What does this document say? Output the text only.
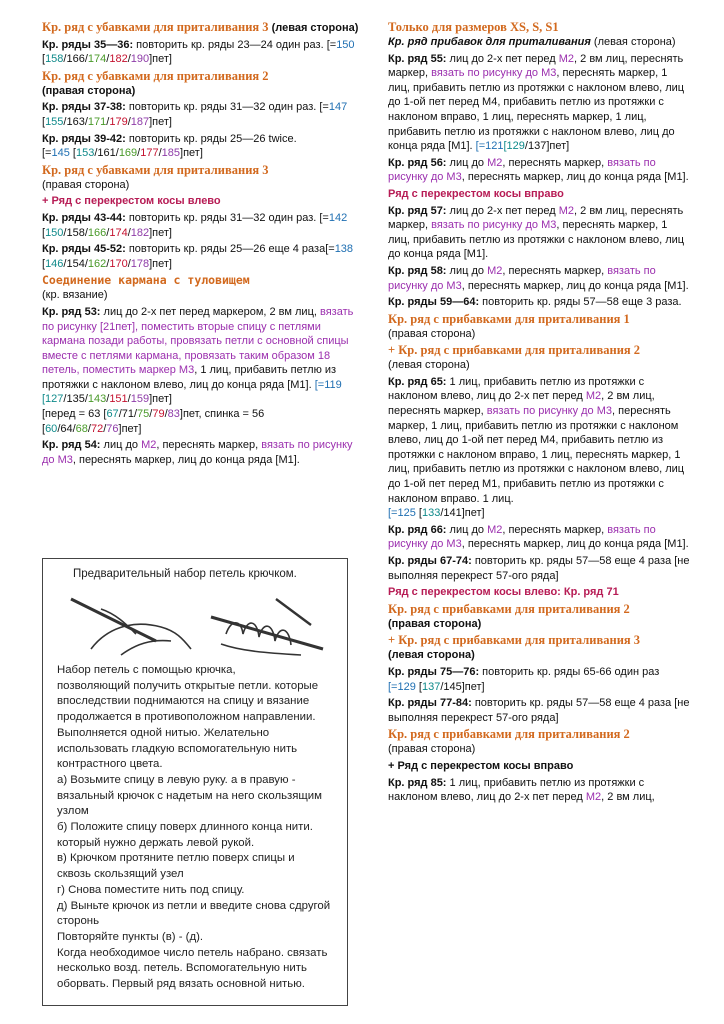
Кр. ряд с убавками для приталивания 3 (левая сторона)
Кр. ряды 35—36: повторить кр. ряды 23—24 один раз. [=150 [158/166/174/182/190]пет]
Кр. ряд с убавками для приталивания 2
(правая сторона)
Кр. ряды 37-38: повторить кр. ряды 31—32 один раз. [=147 [155/163/171/179/187]пет]
Кр. ряды 39-42: повторить кр. ряды 25—26 twice.
[=145 [153/161/169/177/185]пет]
Кр. ряд с убавками для приталивания 3
(правая сторона)
+ Ряд с перекрестом косы влево
Кр. ряды 43-44: повторить кр. ряды 31—32 один раз. [=142 [150/158/166/174/182]пет]
Кр. ряды 45-52: повторить кр. ряды 25—26 еще 4 раза[=138 [146/154/162/170/178]пет]
Соединение кармана с туловищем
(кр. вязание)
Кр. ряд 53: лиц до 2-х пет перед маркером, 2 вм лиц, вязать по рисунку [21пет], поместить вторые спицу с петлями кармана позади работы, провязать петли с основной спицы вместе с петлями кармана, провязать таким образом 18 петель, поместить маркер М3, 1 лиц, прибавить петлю из протяжки с наклоном влево, лиц до конца ряда [М1]. [=119
[127/135/143/151/159]пет]
[перед = 63 [67/71/75/79/83]пет, спинка = 56
[60/64/68/72/76]пет]
Кр. ряд 54: лиц до М2, переснять маркер, вязать по рисунку до М3, переснять маркер, лиц до конца ряда [М1].
Предварительный набор петель крючком.
Набор петель с помощью крючка,
позволяющий получить открытые петли. которые
впоследствии поднимаются на спицу и вязание
продолжается в противоположном направлении.
Выполняется одной нитью. Желательно
использовать гладкую вспомогательную нить
контрастного цвета.
а) Возьмите спицу в левую руку. а в правую -
вязальный крючок с надетым на него скользящим
узлом
б) Положите спицу поверх длинного конца нити.
который нужно держать левой рукой.
в) Крючком протяните петлю поверх спицы и
сквозь скользящий узел
г) Снова поместите нить под спицу.
д) Выньте крючок из петли и введите снова сдругой
сторонь
Повторяйте пункты (в) - (д).
Когда необходимое число петель набрано. связать
несколько возд. петель. Вспомогательную нить
оборвать. Первый ряд вязать основной нитью.
Только для размеров XS, S, S1
Кр. ряд прибавок для приталивания (левая сторона)
Кр. ряд 55: лиц до 2-х пет перед М2, 2 вм лиц, переснять маркер, вязать по рисунку до М3, переснять маркер, 1 лиц, прибавить петлю из протяжки с наклоном влево, лиц до 1-ой пет перед М4, прибавить петлю из протяжки с наклоном вправо, 1 лиц, переснять маркер, 1 лиц, прибавить петлю из протяжки с наклоном влево, лиц до конца ряда [М1]. [=121[129/137]пет]
Кр. ряд 56: лиц до М2, переснять маркер, вязать по рисунку до М3, переснять маркер, лиц до конца ряда [М1].
Ряд с перекрестом косы вправо
Кр. ряд 57: лиц до 2-х пет перед М2, 2 вм лиц, переснять маркер, вязать по рисунку до М3, переснять маркер, 1 лиц, прибавить петлю из протяжки с наклоном влево, лиц до конца ряда [М1].
Кр. ряд 58: лиц до М2, переснять маркер, вязать по рисунку до М3, переснять маркер, лиц до конца ряда [М1].
Кр. ряды 59—64: повторить кр. ряды 57—58 еще 3 раза.
Кр. ряд с прибавками для приталивания 1
(правая сторона)
+ Кр. ряд с прибавками для приталивания 2
(левая сторона)
Кр. ряд 65: 1 лиц, прибавить петлю из протяжки с наклоном влево, лиц до 2-х пет перед М2, 2 вм лиц, переснять маркер, вязать по рисунку до М3, переснять маркер, 1 лиц, прибавить петлю из протяжки с наклоном влево, лиц до 1-ой пет перед М4, прибавить петлю из протяжки с наклоном вправо, 1 лиц, переснять маркер, 1 лиц, прибавить петлю из протяжки с наклоном влево, лиц до 1-ой пет перед М1, прибавить петлю из протяжки с наклоном вправо. 1 лиц.
[=125 [133/141]пет]
Кр. ряд 66: лиц до М2, переснять маркер, вязать по рисунку до М3, переснять маркер, лиц до конца ряда [М1].
Кр. ряды 67-74: повторить кр. ряды 57—58 еще 4 раза [не выполняя перекрест 57-ого ряда]
Ряд с перекрестом косы влево: Кр. ряд 71
Кр. ряд с прибавками для приталивания 2
(правая сторона)
+ Кр. ряд с прибавками для приталивания 3
(левая сторона)
Кр. ряды 75—76: повторить кр. ряды 65-66 один раз
[=129 [137/145]пет]
Кр. ряды 77-84: повторить кр. ряды 57—58 еще 4 раза [не выполняя перекрест 57-ого ряда]
Кр. ряд с прибавками для приталивания 2
(правая сторона)
+ Ряд с перекрестом косы вправо
Кр. ряд 85: 1 лиц, прибавить петлю из протяжки с наклоном влево, лиц до 2-х пет перед М2, 2 вм лиц,
